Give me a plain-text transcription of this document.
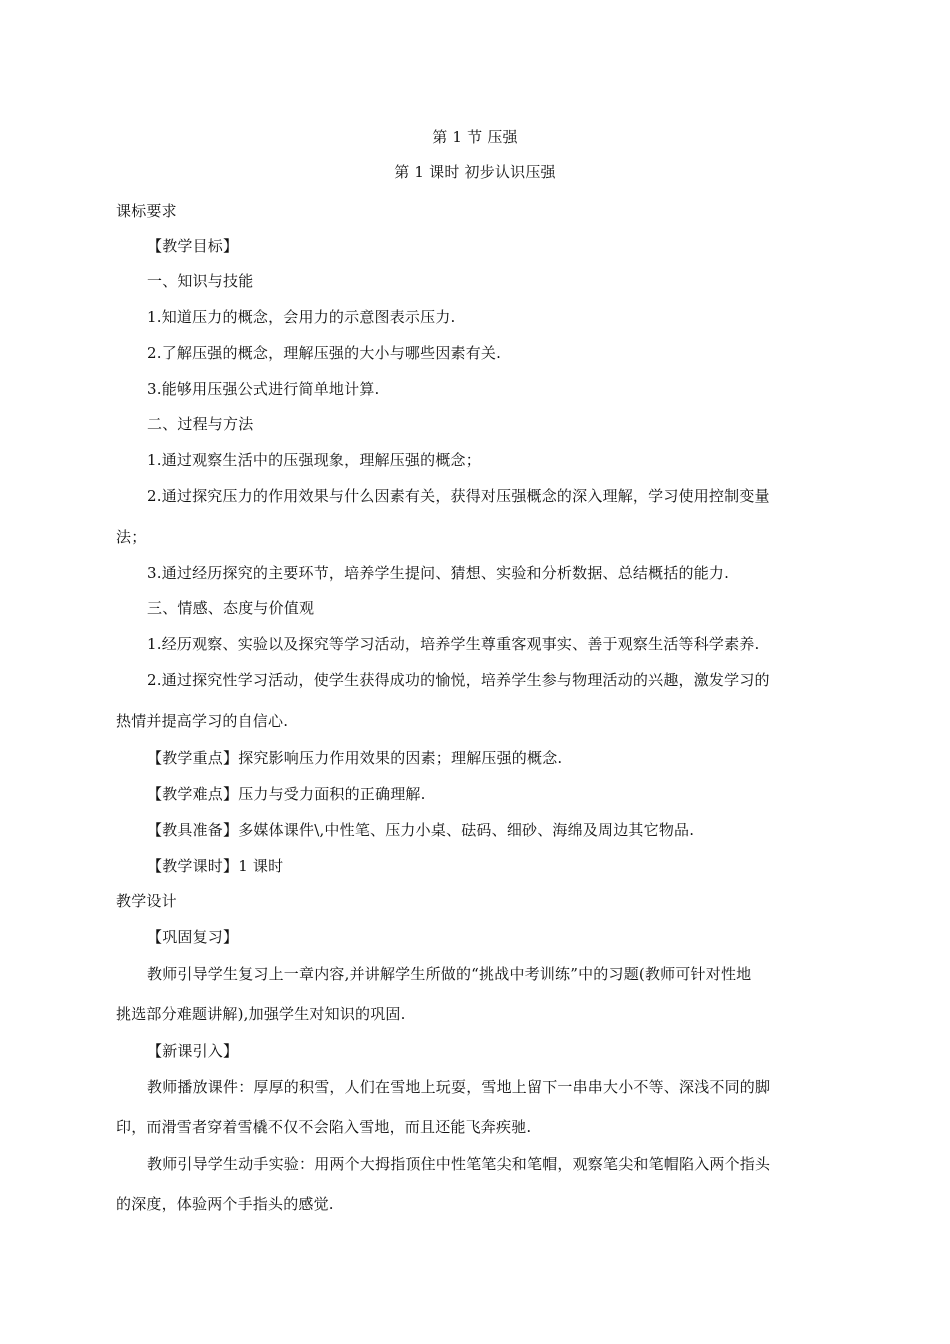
第 1 节 压强
第 1 课时 初步认识压强
课标要求
【教学目标】
一、知识与技能
1.知道压力的概念，会用力的示意图表示压力.
2.了解压强的概念，理解压强的大小与哪些因素有关.
3.能够用压强公式进行简单地计算.
二、过程与方法
1.通过观察生活中的压强现象，理解压强的概念；
2.通过探究压力的作用效果与什么因素有关，获得对压强概念的深入理解，学习使用控制变量
法；
3.通过经历探究的主要环节，培养学生提问、猜想、实验和分析数据、总结概括的能力.
三、情感、态度与价值观
1.经历观察、实验以及探究等学习活动，培养学生尊重客观事实、善于观察生活等科学素养.
2.通过探究性学习活动，使学生获得成功的愉悦，培养学生参与物理活动的兴趣，激发学习的
热情并提高学习的自信心.
【教学重点】探究影响压力作用效果的因素；理解压强的概念.
【教学难点】压力与受力面积的正确理解.
【教具准备】多媒体课件\,中性笔、压力小桌、砝码、细砂、海绵及周边其它物品.
【教学课时】1 课时
教学设计
【巩固复习】
教师引导学生复习上一章内容,并讲解学生所做的“挑战中考训练”中的习题(教师可针对性地
挑选部分难题讲解),加强学生对知识的巩固.
【新课引入】
教师播放课件：厚厚的积雪，人们在雪地上玩耍，雪地上留下一串串大小不等、深浅不同的脚
印，而滑雪者穿着雪橇不仅不会陷入雪地，而且还能飞奔疾驰.
教师引导学生动手实验：用两个大拇指顶住中性笔笔尖和笔帽，观察笔尖和笔帽陷入两个指头
的深度，体验两个手指头的感觉.
